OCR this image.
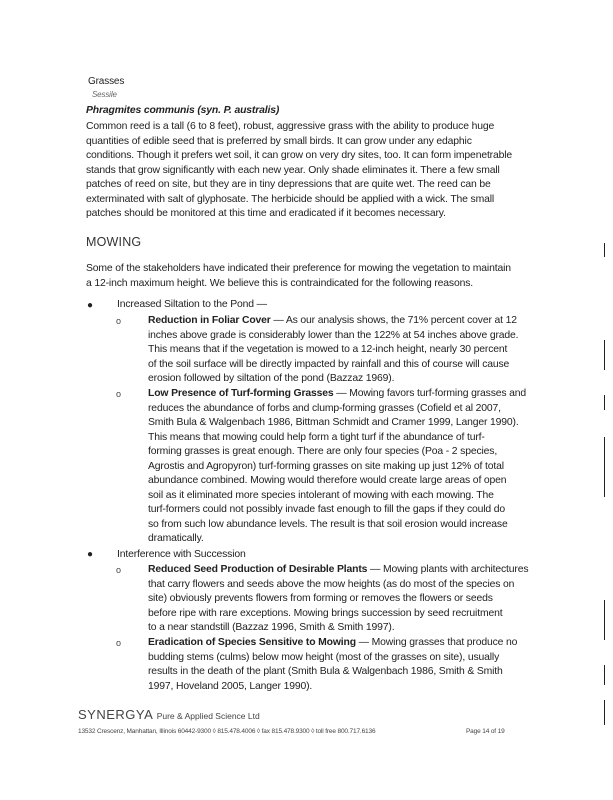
Grasses
Sessile
Phragmites communis (syn. P. australis)
Common reed is a tall (6 to 8 feet), robust, aggressive grass with the ability to produce huge
quantities of edible seed that is preferred by small birds. It can grow under any edaphic
conditions. Though it prefers wet soil, it can grow on very dry sites, too. It can form impenetrable
stands that grow significantly with each new year. Only shade eliminates it. There a few small
patches of reed on site, but they are in tiny depressions that are quite wet. The reed can be
exterminated with salt of glyphosate. The herbicide should be applied with a wick. The small
patches should be monitored at this time and eradicated if it becomes necessary.
MOWING
Some of the stakeholders have indicated their preference for mowing the vegetation to maintain
a 12-inch maximum height. We believe this is contraindicated for the following reasons.
● Increased Siltation to the Pond —
o	Reduction in Foliar Cover — As our analysis shows, the 71% percent cover at 12
inches above grade is considerably lower than the 122% at 54 inches above grade.
This means that if the vegetation is mowed to a 12-inch height, nearly 30 percent
of the soil surface will be directly impacted by rainfall and this of course will cause
erosion followed by siltation of the pond (Bazzaz 1969).
o	Low Presence of Turf-forming Grasses — Mowing favors turf-forming grasses and
reduces the abundance of forbs and clump-forming grasses (Cofield et al 2007,
Smith Bula & Walgenbach 1986, Bittman Schmidt and Cramer 1999, Langer 1990).
This means that mowing could help form a tight turf if the abundance of turf-
forming grasses is great enough. There are only four species (Poa - 2 species,
Agrostis and Agropyron) turf-forming grasses on site making up just 12% of total
abundance combined. Mowing would therefore would create large areas of open
soil as it eliminated more species intolerant of mowing with each mowing. The
turf-formers could not possibly invade fast enough to fill the gaps if they could do
so from such low abundance levels. The result is that soil erosion would increase
dramatically.
● Interference with Succession
o	Reduced Seed Production of Desirable Plants — Mowing plants with architectures
that carry flowers and seeds above the mow heights (as do most of the species on
site) obviously prevents flowers from forming or removes the flowers or seeds
before ripe with rare exceptions. Mowing brings succession by seed recruitment
to a near standstill (Bazzaz 1996, Smith & Smith 1997).
o	Eradication of Species Sensitive to Mowing — Mowing grasses that produce no
budding stems (culms) below mow height (most of the grasses on site), usually
results in the death of the plant (Smith Bula & Walgenbach 1986, Smith & Smith
1997, Hoveland 2005, Langer 1990).
SYNERGYA Pure & Applied Science Ltd
13532 Crescenz, Manhattan, Illinois 60442-9300 ◊ 815.478.4006 ◊ fax 815.478.9300 ◊ toll free 800.717.6136	Page 14 of 19
